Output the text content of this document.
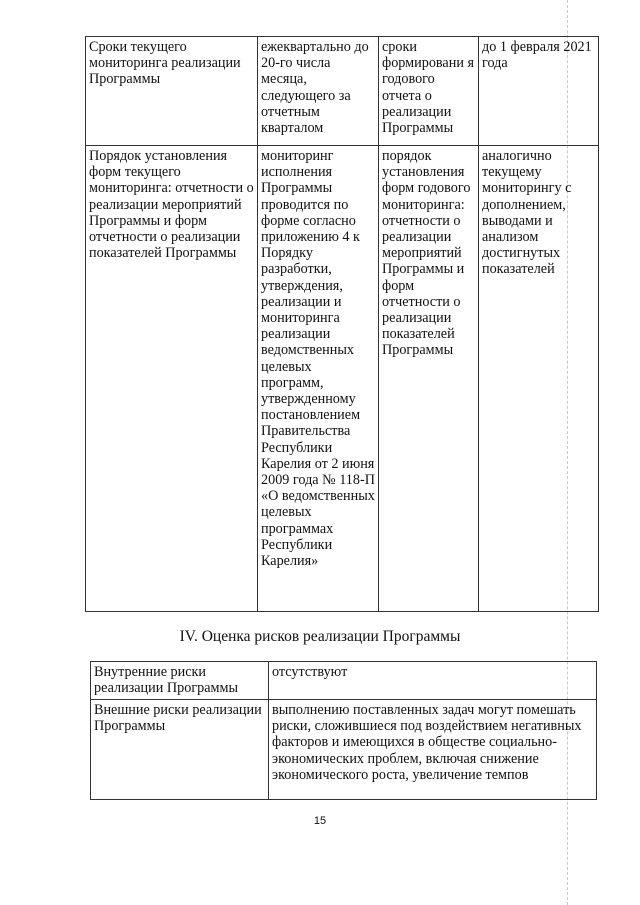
Сроки текущего мониторинга реализации Программы	ежеквартально до 20-го числа месяца, следующего за отчетным кварталом	сроки формировани я годового отчета о реализации Программы	до 1 февраля 2021 года
Порядок установления форм текущего мониторинга: отчетности о реализации мероприятий Программы и форм отчетности о реализации показателей Программы	мониторинг исполнения Программы проводится по форме согласно приложению 4 к Порядку разработки, утверждения, реализации и мониторинга реализации ведомственных целевых программ, утвержденному постановлением Правительства Республики Карелия от 2 июня 2009 года № 118-П «О ведомственных целевых программах Республики Карелия»	порядок установления форм годового мониторинга: отчетности о реализации мероприятий Программы и форм отчетности о реализации показателей Программы	аналогично текущему мониторингу с дополнением, выводами и анализом достигнутых показателей
IV. Оценка рисков реализации Программы
Внутренние риски реализации Программы	отсутствуют
Внешние риски реализации Программы	выполнению поставленных задач могут помешать риски, сложившиеся под воздействием негативных факторов и имеющихся в обществе социально-экономических проблем, включая снижение экономического роста, увеличение темпов
15
